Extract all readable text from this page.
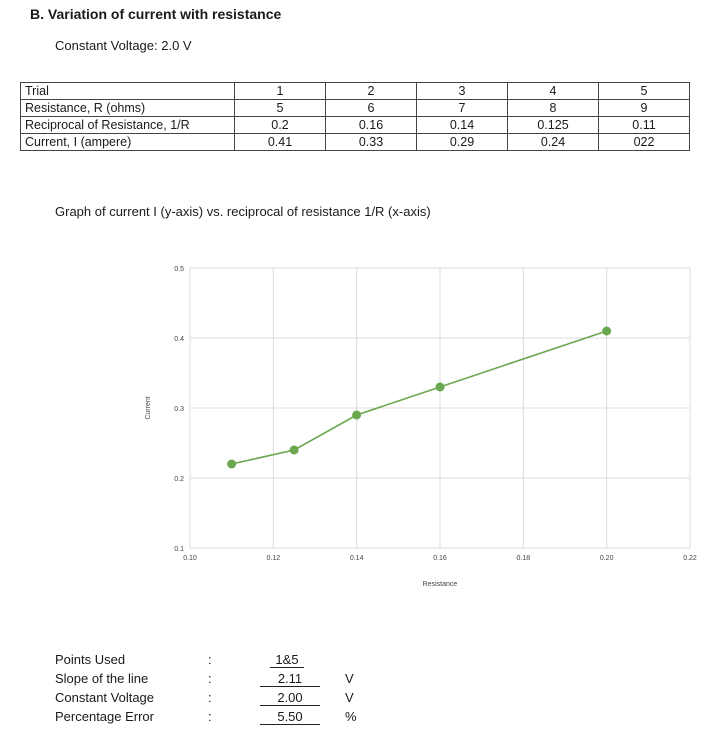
B. Variation of current with resistance
Constant Voltage: 2.0 V
Trial	1	2	3	4	5
Resistance, R (ohms)	5	6	7	8	9
Reciprocal of Resistance, 1/R	0.2	0.16	0.14	0.125	0.11
Current, I (ampere)	0.41	0.33	0.29	0.24	022
Graph of current I (y-axis) vs. reciprocal of resistance 1/R (x-axis)
0.10	0.12	0.14	0.16	0.18	0.20	0.22
0.1
0.2
0.3
0.4
0.5
Resistance
Current
Points Used	:	1&5
Slope of the line	:	2.11	V
Constant Voltage	:	2.00	V
Percentage Error	:	5.50	%
